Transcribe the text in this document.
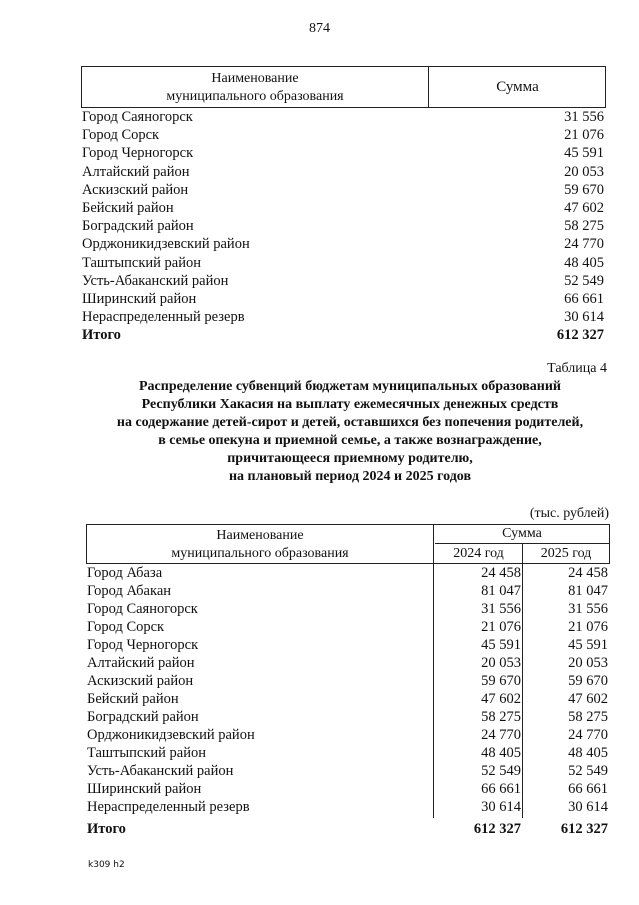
874
Наименование
муниципального образования
Сумма
Город Саяногорск	31 556
Город Сорск	21 076
Город Черногорск	45 591
Алтайский район	20 053
Аскизский район	59 670
Бейский район	47 602
Боградский район	58 275
Орджоникидзевский район	24 770
Таштыпский район	48 405
Усть-Абаканский район	52 549
Ширинский район	66 661
Нераспределенный резерв	30 614
Итого	612 327
Таблица 4
Распределение субвенций бюджетам муниципальных образований
Республики Хакасия на выплату ежемесячных денежных средств
на содержание детей-сирот и детей, оставшихся без попечения родителей,
в семье опекуна и приемной семье, а также вознаграждение,
причитающееся приемному родителю,
на плановый период 2024 и 2025 годов
(тыс. рублей)
Наименование
муниципального образования
Сумма
2024 год	2025 год
Город Абаза	24 458	24 458
Город Абакан	81 047	81 047
Город Саяногорск	31 556	31 556
Город Сорск	21 076	21 076
Город Черногорск	45 591	45 591
Алтайский район	20 053	20 053
Аскизский район	59 670	59 670
Бейский район	47 602	47 602
Боградский район	58 275	58 275
Орджоникидзевский район	24 770	24 770
Таштыпский район	48 405	48 405
Усть-Абаканский район	52 549	52 549
Ширинский район	66 661	66 661
Нераспределенный резерв	30 614	30 614
Итого	612 327	612 327
k309 h2
